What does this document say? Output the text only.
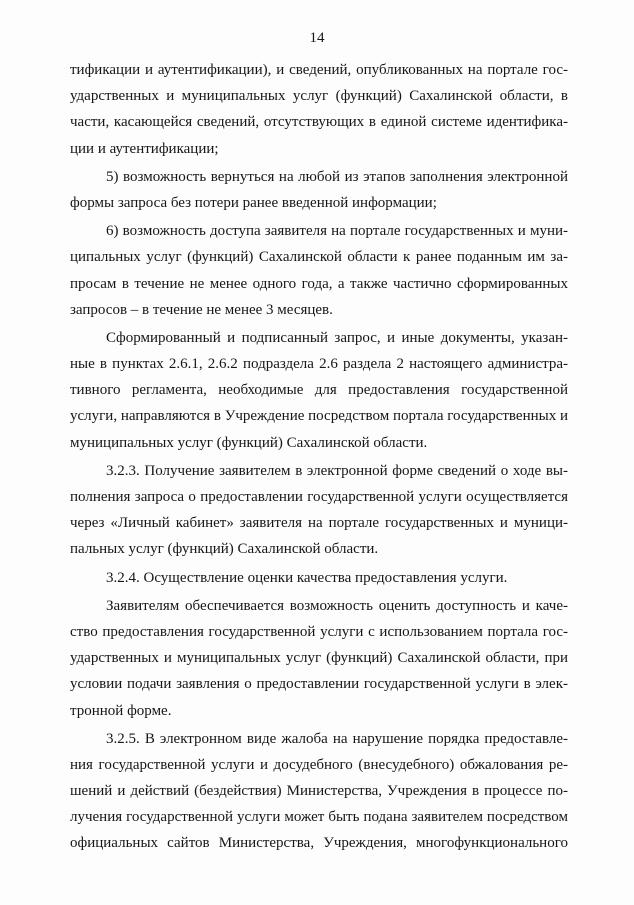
14
тификации и аутентификации), и сведений, опубликованных на портале гос-
ударственных и муниципальных услуг (функций) Сахалинской области, в
части, касающейся сведений, отсутствующих в единой системе идентифика-
ции и аутентификации;
5) возможность вернуться на любой из этапов заполнения электронной
формы запроса без потери ранее введенной информации;
6) возможность доступа заявителя на портале государственных и муни-
ципальных услуг (функций) Сахалинской области к ранее поданным им за-
просам в течение не менее одного года, а также частично сформированных
запросов – в течение не менее 3 месяцев.
Сформированный и подписанный запрос, и иные документы, указан-
ные в пунктах 2.6.1, 2.6.2 подраздела 2.6 раздела 2 настоящего администра-
тивного регламента, необходимые для предоставления государственной
услуги, направляются в Учреждение посредством портала государственных и
муниципальных услуг (функций) Сахалинской области.
3.2.3. Получение заявителем в электронной форме сведений о ходе вы-
полнения запроса о предоставлении государственной услуги осуществляется
через «Личный кабинет» заявителя на портале государственных и муници-
пальных услуг (функций) Сахалинской области.
3.2.4. Осуществление оценки качества предоставления услуги.
Заявителям обеспечивается возможность оценить доступность и каче-
ство предоставления государственной услуги с использованием портала гос-
ударственных и муниципальных услуг (функций) Сахалинской области, при
условии подачи заявления о предоставлении государственной услуги в элек-
тронной форме.
3.2.5. В электронном виде жалоба на нарушение порядка предоставле-
ния государственной услуги и досудебного (внесудебного) обжалования ре-
шений и действий (бездействия) Министерства, Учреждения в процессе по-
лучения государственной услуги может быть подана заявителем посредством
официальных сайтов Министерства, Учреждения, многофункционального
